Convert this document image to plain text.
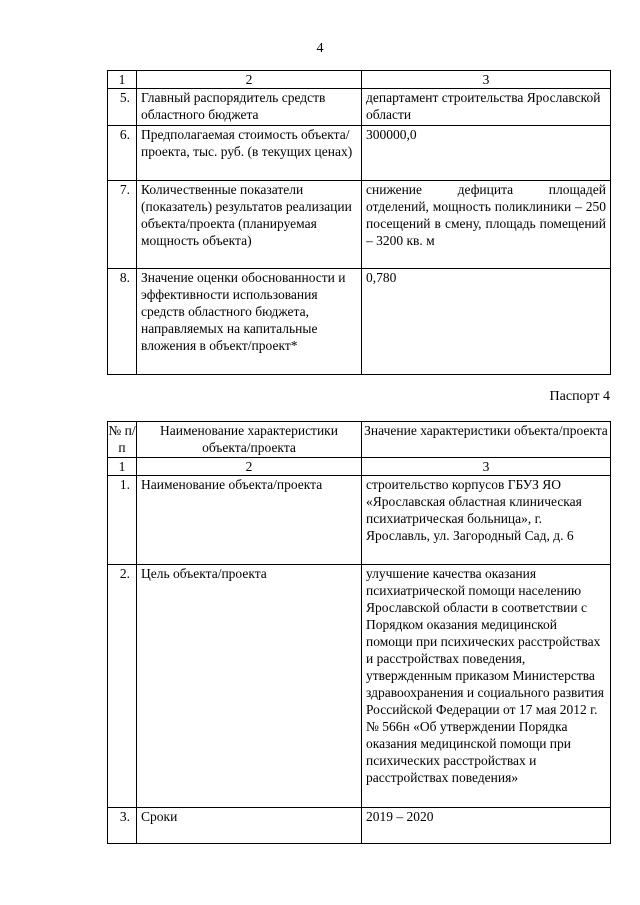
4
1	2	3
5.	Главный распорядитель средств областного бюджета	департамент строительства Ярославской области
6.	Предполагаемая стоимость объекта/проекта, тыс. руб. (в текущих ценах)	300000,0
7.	Количественные показатели (показатель) результатов реализации объекта/проекта (планируемая мощность объекта)	снижение дефицита площадей отделений, мощность поликлиники – 250 посещений в смену, площадь помещений – 3200 кв. м
8.	Значение оценки обоснованности и эффективности использования средств областного бюджета, направляемых на капитальные вложения в объект/проект*	0,780
Паспорт 4
№ п/п	Наименование характеристики объекта/проекта	Значение характеристики объекта/проекта
1	2	3
1.	Наименование объекта/проекта	строительство корпусов ГБУЗ ЯО «Ярославская областная клиническая психиатрическая больница», г. Ярославль, ул. Загородный Сад, д. 6
2.	Цель объекта/проекта	улучшение качества оказания психиатрической помощи населению Ярославской области в соответствии с Порядком оказания медицинской помощи при психических расстройствах и расстройствах поведения, утвержденным приказом Министерства здравоохранения и социального развития Российской Федерации от 17 мая 2012 г. № 566н «Об утверждении Порядка оказания медицинской помощи при психических расстройствах и расстройствах поведения»
3.	Сроки	2019 – 2020
